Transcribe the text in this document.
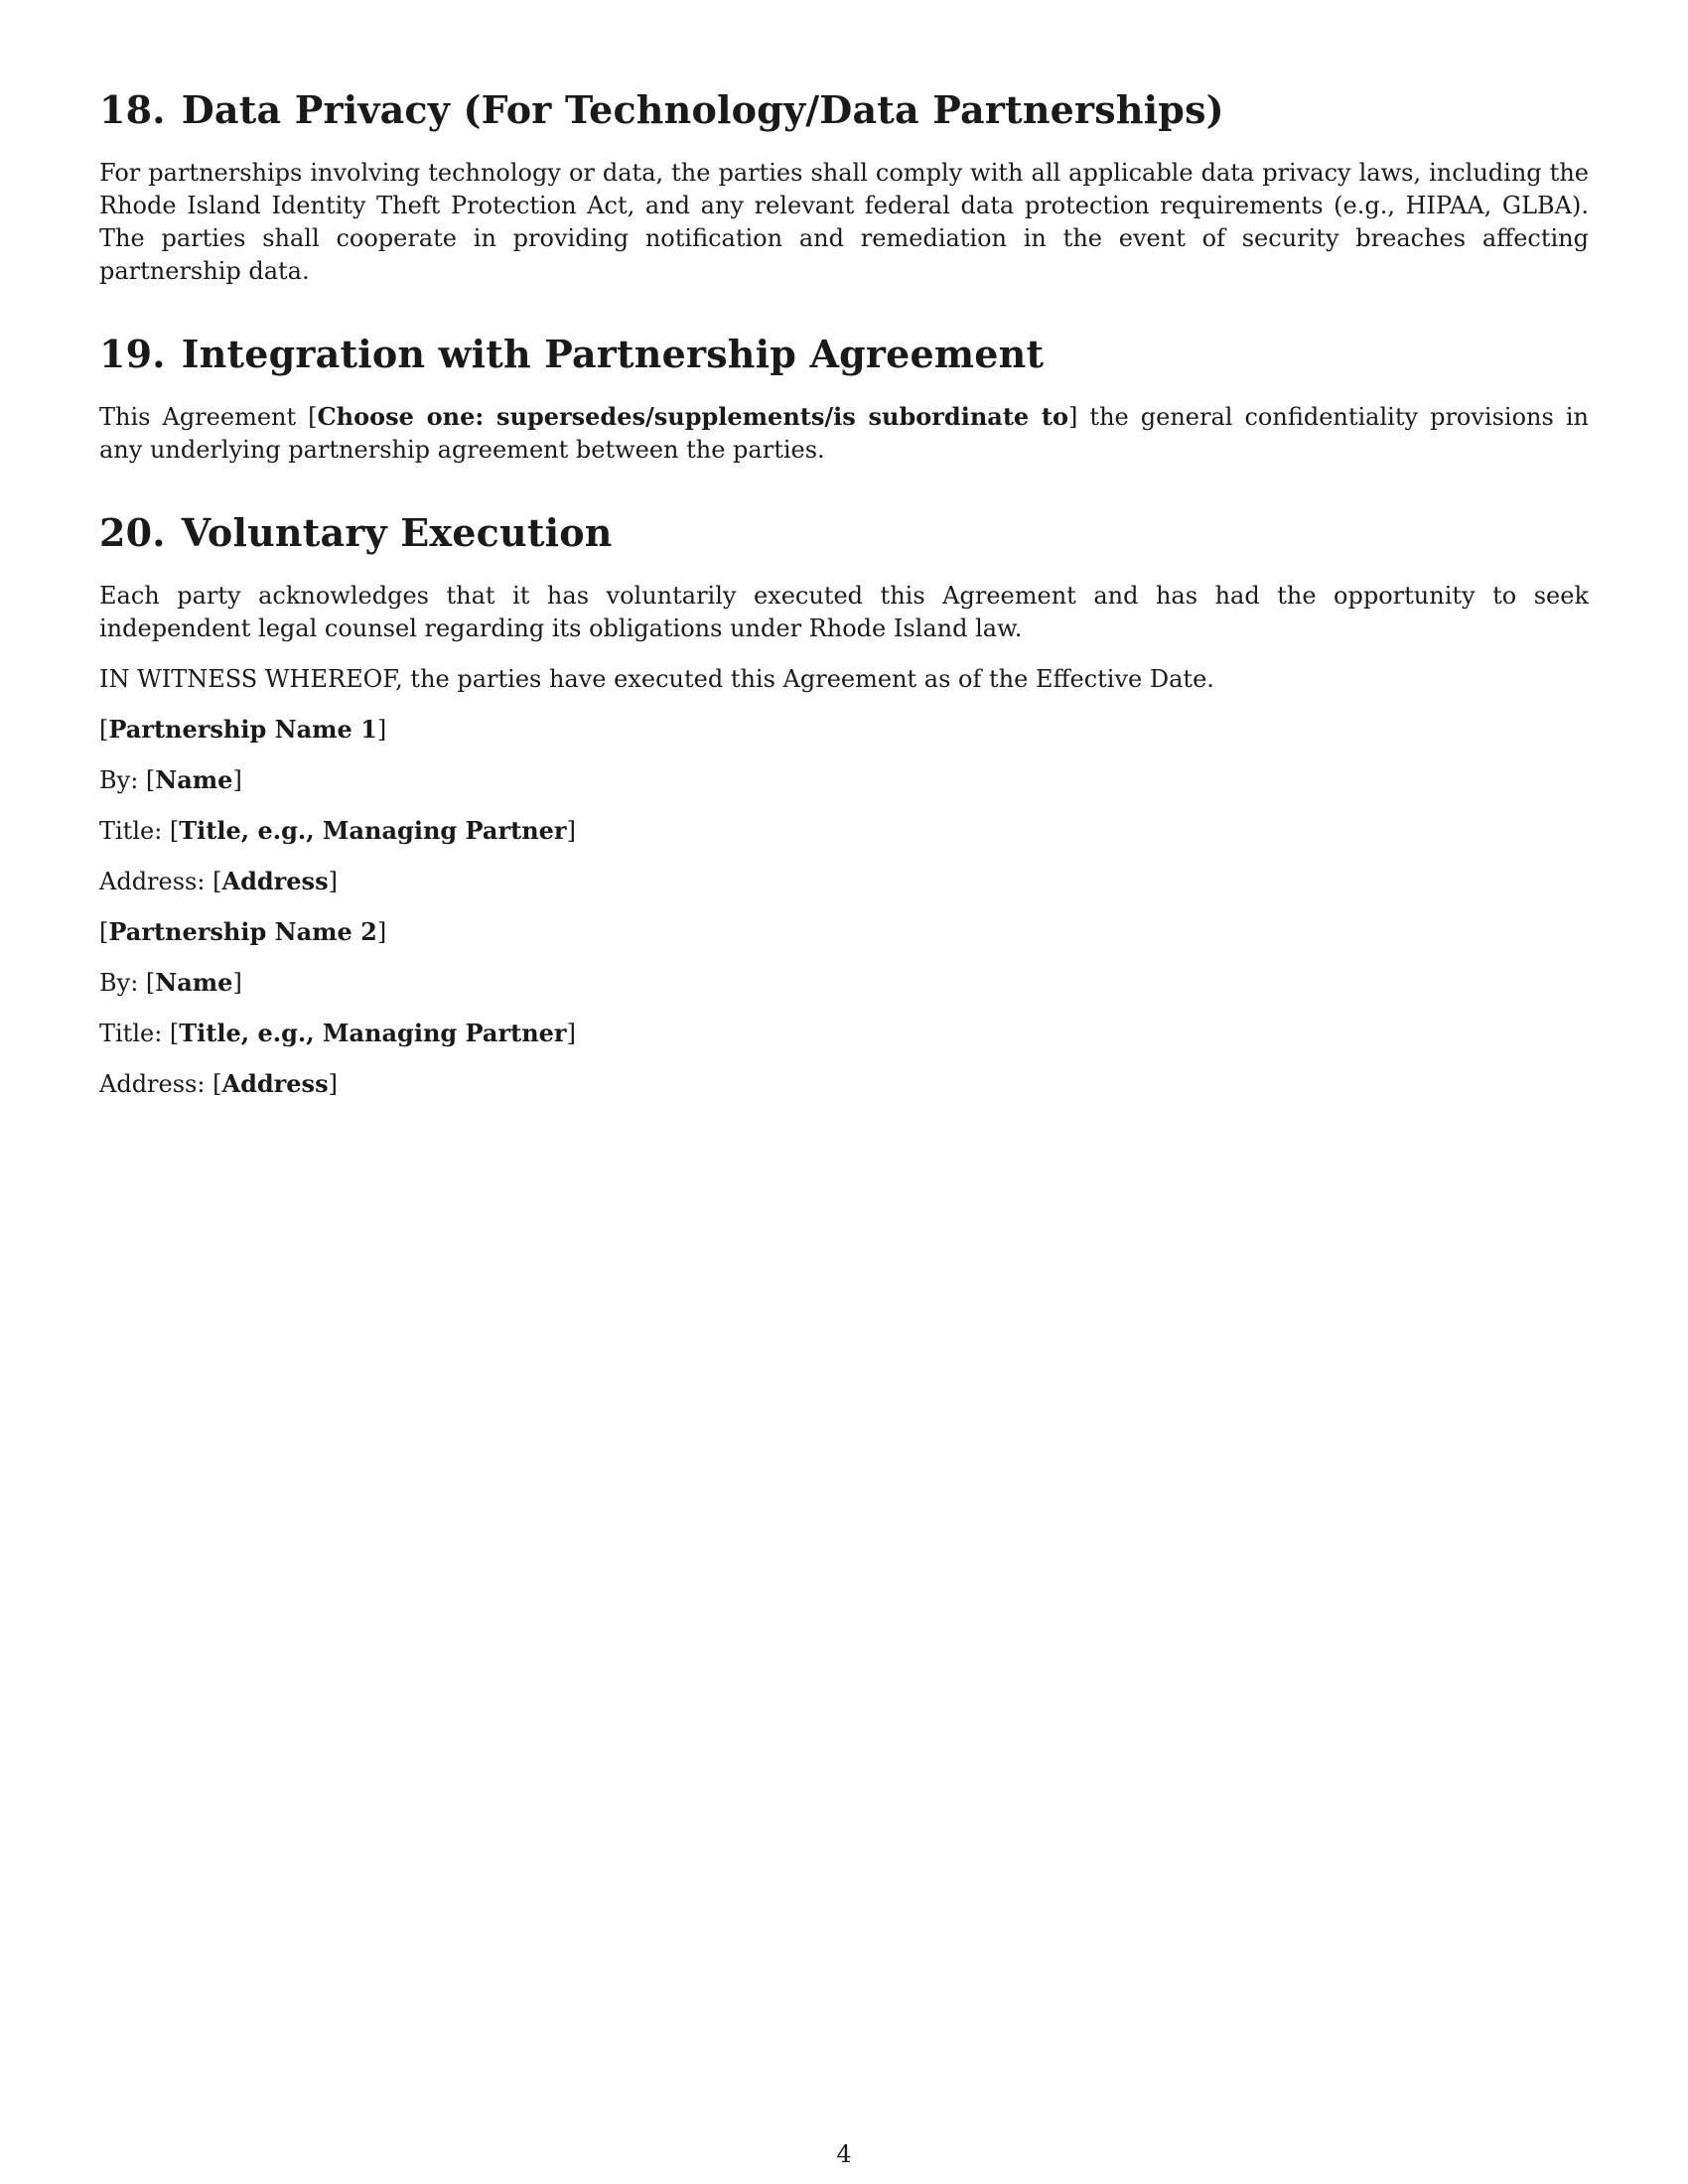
18. Data Privacy (For Technology/Data Partnerships)

For partnerships involving technology or data, the parties shall comply with all applicable data privacy laws, including the Rhode Island Identity Theft Protection Act, and any relevant federal data protection requirements (e.g., HIPAA, GLBA). The parties shall cooperate in providing notification and remediation in the event of security breaches affecting partnership data.

19. Integration with Partnership Agreement

This Agreement [Choose one: supersedes/supplements/is subordinate to] the general confidentiality provisions in any underlying partnership agreement between the parties.

20. Voluntary Execution

Each party acknowledges that it has voluntarily executed this Agreement and has had the opportunity to seek independent legal counsel regarding its obligations under Rhode Island law.

IN WITNESS WHEREOF, the parties have executed this Agreement as of the Effective Date.

[Partnership Name 1]
By: [Name]
Title: [Title, e.g., Managing Partner]
Address: [Address]
[Partnership Name 2]
By: [Name]
Title: [Title, e.g., Managing Partner]
Address: [Address]
4
